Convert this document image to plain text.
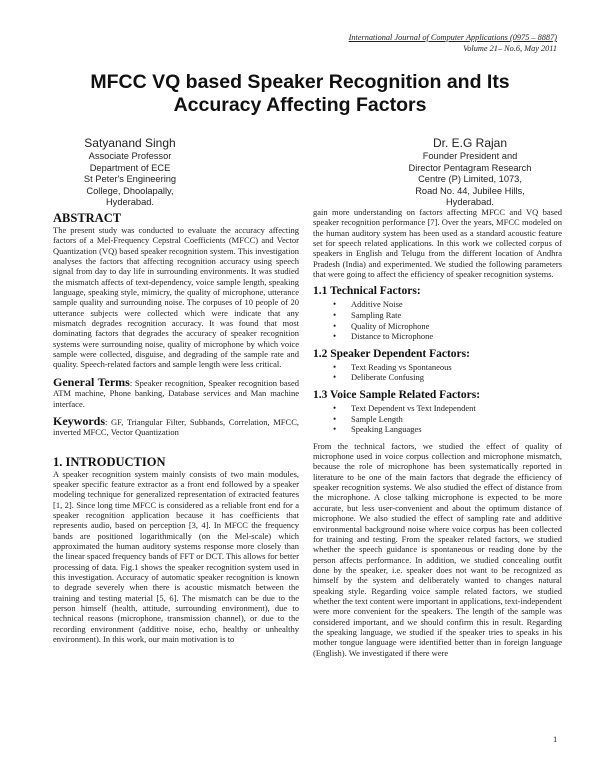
International Journal of Computer Applications (0975 – 8887)
Volume 21– No.6, May 2011
MFCC VQ based Speaker Recognition and Its
Accuracy Affecting Factors
Satyanand Singh
Associate Professor
Department of ECE
St Peter's Engineering
College, Dhoolapally,
Hyderabad.
Dr. E.G Rajan
Founder President and
Director Pentagram Research
Centre (P) Limited, 1073,
Road No. 44, Jubilee Hills,
Hyderabad.
ABSTRACT

The present study was conducted to evaluate the accuracy affecting factors of a Mel-Frequency Cepstral Coefficients (MFCC) and Vector Quantization (VQ) based speaker recognition system. This investigation analyses the factors that affecting recognition accuracy using speech signal from day to day life in surrounding environments. It was studied the mismatch affects of text-dependency, voice sample length, speaking language, speaking style, mimicry, the quality of microphone, utterance sample quality and surrounding noise. The corpuses of 10 people of 20 utterance subjects were collected which were indicate that any mismatch degrades recognition accuracy. It was found that most dominating factors that degrades the accuracy of speaker recognition systems were surrounding noise, quality of microphone by which voice sample were collected, disguise, and degrading of the sample rate and quality. Speech-related factors and sample length were less critical.

General Terms: Speaker recognition, Speaker recognition based ATM machine, Phone banking, Database services and Man machine interface.

Keywords: GF, Triangular Filter, Subbands, Correlation, MFCC, inverted MFCC, Vector Quantization

1. INTRODUCTION

A speaker recognition system mainly consists of two main modules, speaker specific feature extractor as a front end followed by a speaker modeling technique for generalized representation of extracted features [1, 2]. Since long time MFCC is considered as a reliable front end for a speaker recognition application because it has coefficients that represents audio, based on perception [3, 4]. In MFCC the frequency bands are positioned logarithmically (on the Mel-scale) which approximated the human auditory systems response more closely than the linear spaced frequency bands of FFT or DCT. This allows for better processing of data. Fig.1 shows the speaker recognition system used in this investigation. Accuracy of automatic speaker recognition is known to degrade severely when there is acoustic mismatch between the training and testing material [5, 6]. The mismatch can be due to the person himself (health, attitude, surrounding environment), due to technical reasons (microphone, transmission channel), or due to the recording environment (additive noise, echo, healthy or unhealthy environment). In this work, our main motivation is to

gain more understanding on factors affecting MFCC and VQ based speaker recognition performance [7]. Over the years, MFCC modeled on the human auditory system has been used as a standard acoustic feature set for speech related applications. In this work we collected corpus of speakers in English and Telugu from the different location of Andhra Pradesh (India) and experimented. We studied the following parameters that were going to affect the efficiency of speaker recognition systems.

1.1 Technical Factors:
• Additive Noise
• Sampling Rate
• Quality of Microphone
• Distance to Microphone
1.2 Speaker Dependent Factors:
• Text Reading vs Spontaneous
• Deliberate Confusing
1.3 Voice Sample Related Factors:
• Text Dependent vs Text Independent
• Sample Length
• Speaking Languages

From the technical factors, we studied the effect of quality of microphone used in voice corpus collection and microphone mismatch, because the role of microphone has been systematically reported in literature to be one of the main factors that degrade the efficiency of speaker recognition systems. We also studied the effect of distance from the microphone. A close talking microphone is expected to be more accurate, but less user-convenient and about the optimum distance of microphone. We also studied the effect of sampling rate and additive environmental background noise where voice corpus has been collected for training and testing. From the speaker related factors, we studied whether the speech guidance is spontaneous or reading done by the person affects performance. In addition, we studied concealing outfit done by the speaker, i.e. speaker does not want to be recognized as himself by the system and deliberately wanted to changes natural speaking style. Regarding voice sample related factors, we studied whether the text content were important in applications, text-independent were more convenient for the speakers. The length of the sample was considered important, and we should confirm this in result. Regarding the speaking language, we studied if the speaker tries to speaks in his mother tongue language were identified better than in foreign language (English). We investigated if there were

1
